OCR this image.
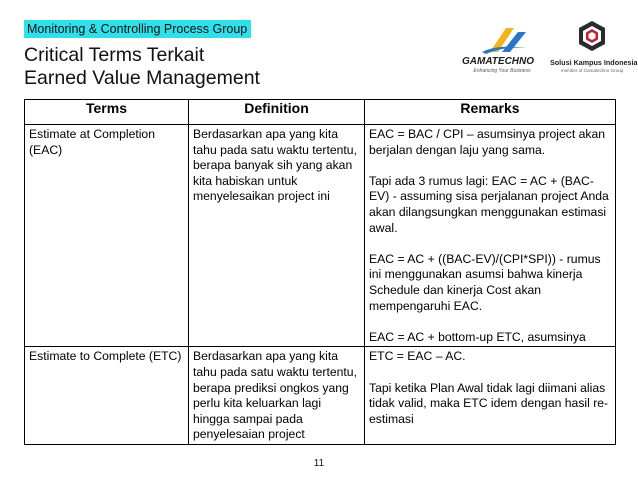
Monitoring & Controlling Process Group
Critical Terms Terkait
Earned Value Management
GAMATECHNO
Enhancing Your Business
Solusi Kampus Indonesia
member of Gamatechno Group
Terms	Definition	Remarks
Estimate at Completion (EAC)	Berdasarkan apa yang kita tahu pada satu waktu tertentu, berapa banyak sih yang akan kita habiskan untuk menyelesaikan project ini	EAC = BAC / CPI – asumsinya project akan berjalan dengan laju yang sama.
Tapi ada 3 rumus lagi: EAC = AC + (BAC-EV) - assuming sisa perjalanan project Anda akan dilangsungkan menggunakan estimasi awal.
EAC = AC + ((BAC-EV)/(CPI*SPI)) - rumus ini menggunakan asumsi bahwa kinerja Schedule dan kinerja Cost akan mempengaruhi EAC.
EAC = AC + bottom-up ETC, asumsinya

Estimate to Complete (ETC)	Berdasarkan apa yang kita tahu pada satu waktu tertentu, berapa prediksi ongkos yang perlu kita keluarkan lagi hingga sampai pada penyelesaian project	ETC = EAC – AC.
Tapi ketika Plan Awal tidak lagi diimani alias tidak valid, maka ETC idem dengan hasil re-estimasi
11
